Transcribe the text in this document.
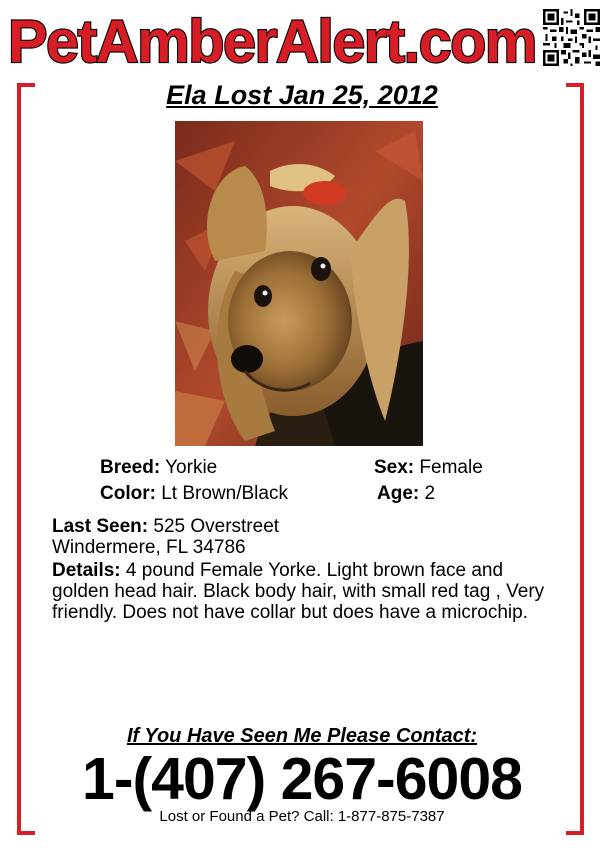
PetAmberAlert.com
Ela Lost Jan 25, 2012
Breed: Yorkie	Sex: Female
Color: Lt Brown/Black	Age: 2
Last Seen: 525 Overstreet
Windermere, FL 34786
Details: 4 pound Female Yorke. Light brown face and golden head hair. Black body hair, with small red tag , Very friendly. Does not have collar but does have a microchip.
If You Have Seen Me Please Contact:
1-(407) 267-6008
Lost or Found a Pet? Call: 1-877-875-7387
